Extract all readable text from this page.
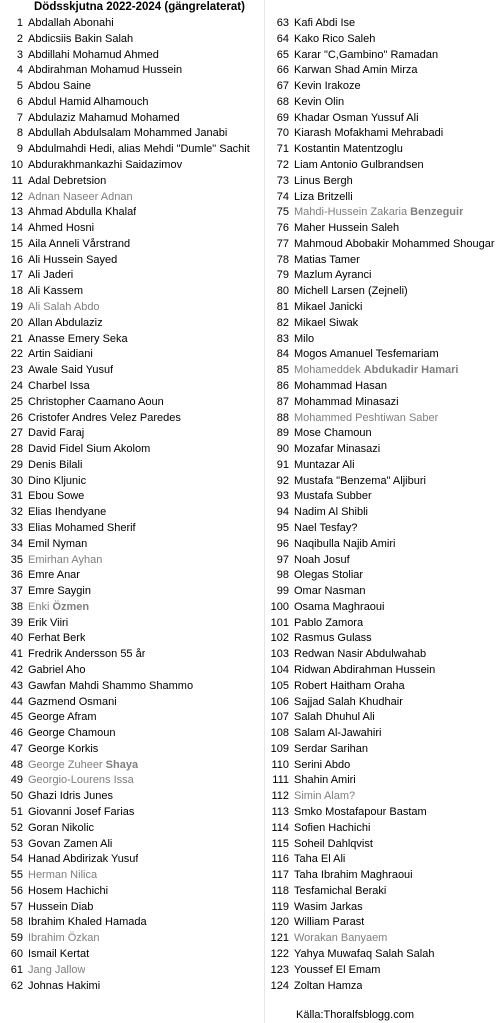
Dödsskjutna 2022-2024 (gängrelaterat)
1 Abdallah Abonahi
2 Abdicsiis Bakin Salah
3 Abdillahi Mohamud Ahmed
4 Abdirahman Mohamud Hussein
5 Abdou Saine
6 Abdul Hamid Alhamouch
7 Abdulaziz Mahamud Mohamed
8 Abdullah Abdulsalam Mohammed Janabi
9 Abdulmahdi Hedi, alias Mehdi "Dumle" Sachit
10 Abdurakhmankazhi Saidazimov
11 Adal Debretsion
12 Adnan Naseer Adnan
13 Ahmad Abdulla Khalaf
14 Ahmed Hosni
15 Aila Anneli Vårstrand
16 Ali Hussein Sayed
17 Ali Jaderi
18 Ali Kassem
19 Ali Salah Abdo
20 Allan Abdulaziz
21 Anasse Emery Seka
22 Artin Saidiani
23 Awale Said Yusuf
24 Charbel Issa
25 Christopher Caamano Aoun
26 Cristofer Andres Velez Paredes
27 David Faraj
28 David Fidel Sium Akolom
29 Denis Bilali
30 Dino Kljunic
31 Ebou Sowe
32 Elias Ihendyane
33 Elias Mohamed Sherif
34 Emil Nyman
35 Emirhan Ayhan
36 Emre Anar
37 Emre Saygin
38 Enki Özmen
39 Erik Viiri
40 Ferhat Berk
41 Fredrik Andersson 55 år
42 Gabriel Aho
43 Gawfan Mahdi Shammo Shammo
44 Gazmend Osmani
45 George Afram
46 George Chamoun
47 George Korkis
48 George Zuheer Shaya
49 Georgio-Lourens Issa
50 Ghazi Idris Junes
51 Giovanni Josef Farias
52 Goran Nikolic
53 Govan Zamen Ali
54 Hanad Abdirizak Yusuf
55 Herman Nilica
56 Hosem Hachichi
57 Hussein Diab
58 Ibrahim Khaled Hamada
59 Ibrahim Özkan
60 Ismail Kertat
61 Jang Jallow
62 Johnas Hakimi
63 Kafi Abdi Ise
64 Kako Rico Saleh
65 Karar "C,Gambino" Ramadan
66 Karwan Shad Amin Mirza
67 Kevin Irakoze
68 Kevin Olin
69 Khadar Osman Yussuf Ali
70 Kiarash Mofakhami Mehrabadi
71 Kostantin Matentzoglu
72 Liam Antonio Gulbrandsen
73 Linus Bergh
74 Liza Britzelli
75 Mahdi-Hussein Zakaria Benzeguir
76 Maher Hussein Saleh
77 Mahmoud Abobakir Mohammed Shougar
78 Matias Tamer
79 Mazlum Ayranci
80 Michell Larsen (Zejneli)
81 Mikael Janicki
82 Mikael Siwak
83 Milo
84 Mogos Amanuel Tesfemariam
85 Mohameddek Abdukadir Hamari
86 Mohammad Hasan
87 Mohammad Minasazi
88 Mohammed Peshtiwan Saber
89 Mose Chamoun
90 Mozafar Minasazi
91 Muntazar Ali
92 Mustafa "Benzema" Aljiburi
93 Mustafa Subber
94 Nadim Al Shibli
95 Nael Tesfay?
96 Naqibulla Najib Amiri
97 Noah Josuf
98 Olegas Stoliar
99 Omar Nasman
100 Osama Maghraoui
101 Pablo Zamora
102 Rasmus Gulass
103 Redwan Nasir Abdulwahab
104 Ridwan Abdirahman Hussein
105 Robert Haitham Oraha
106 Sajjad Salah Khudhair
107 Salah Dhuhul Ali
108 Salam Al-Jawahiri
109 Serdar Sarihan
110 Serini Abdo
111 Shahin Amiri
112 Simin Alam?
113 Smko Mostafapour Bastam
114 Sofien Hachichi
115 Soheil Dahlqvist
116 Taha El Ali
117 Taha Ibrahim Maghraoui
118 Tesfamichal Beraki
119 Wasim Jarkas
120 William Parast
121 Worakan Banyaem
122 Yahya Muwafaq Salah Salah
123 Youssef El Emam
124 Zoltan Hamza
Källa:Thoralfsblogg.com
